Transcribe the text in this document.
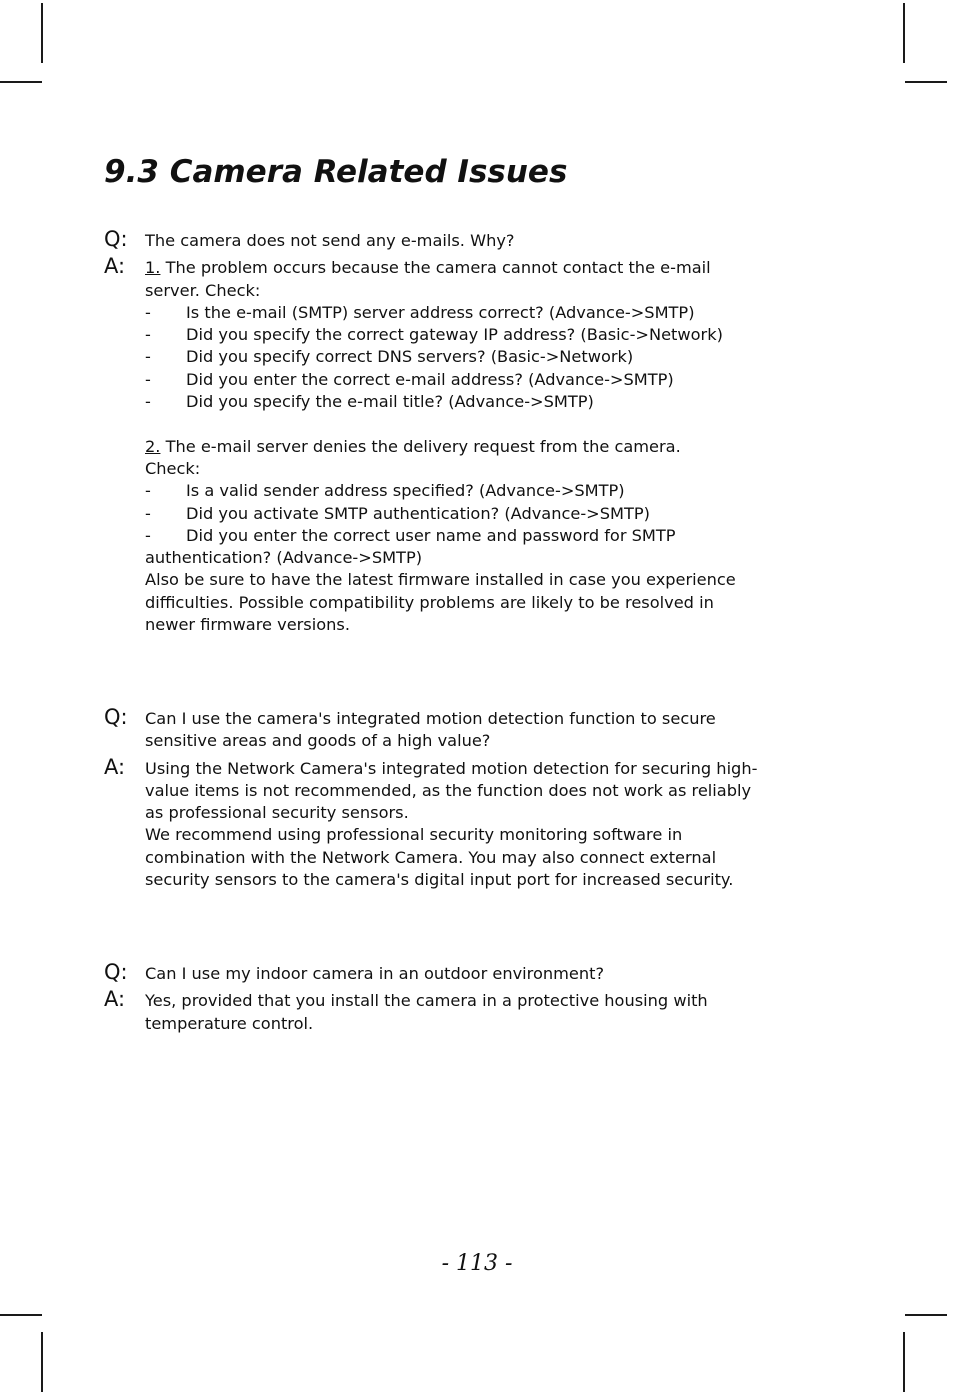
9.3 Camera Related Issues
Q: The camera does not send any e-mails. Why?
A: 1. The problem occurs because the camera cannot contact the e-mail
server. Check:
- Is the e-mail (SMTP) server address correct? (Advance->SMTP)
- Did you specify the correct gateway IP address? (Basic->Network)
- Did you specify correct DNS servers? (Basic->Network)
- Did you enter the correct e-mail address? (Advance->SMTP)
- Did you specify the e-mail title? (Advance->SMTP)
2. The e-mail server denies the delivery request from the camera.
Check:
- Is a valid sender address specified? (Advance->SMTP)
- Did you activate SMTP authentication? (Advance->SMTP)
- Did you enter the correct user name and password for SMTP
authentication? (Advance->SMTP)
Also be sure to have the latest firmware installed in case you experience
difficulties. Possible compatibility problems are likely to be resolved in
newer firmware versions.
Q: Can I use the camera's integrated motion detection function to secure
sensitive areas and goods of a high value?
A: Using the Network Camera's integrated motion detection for securing high-
value items is not recommended, as the function does not work as reliably
as professional security sensors.
We recommend using professional security monitoring software in
combination with the Network Camera. You may also connect external
security sensors to the camera's digital input port for increased security.
Q: Can I use my indoor camera in an outdoor environment?
A: Yes, provided that you install the camera in a protective housing with
temperature control.
- 113 -
